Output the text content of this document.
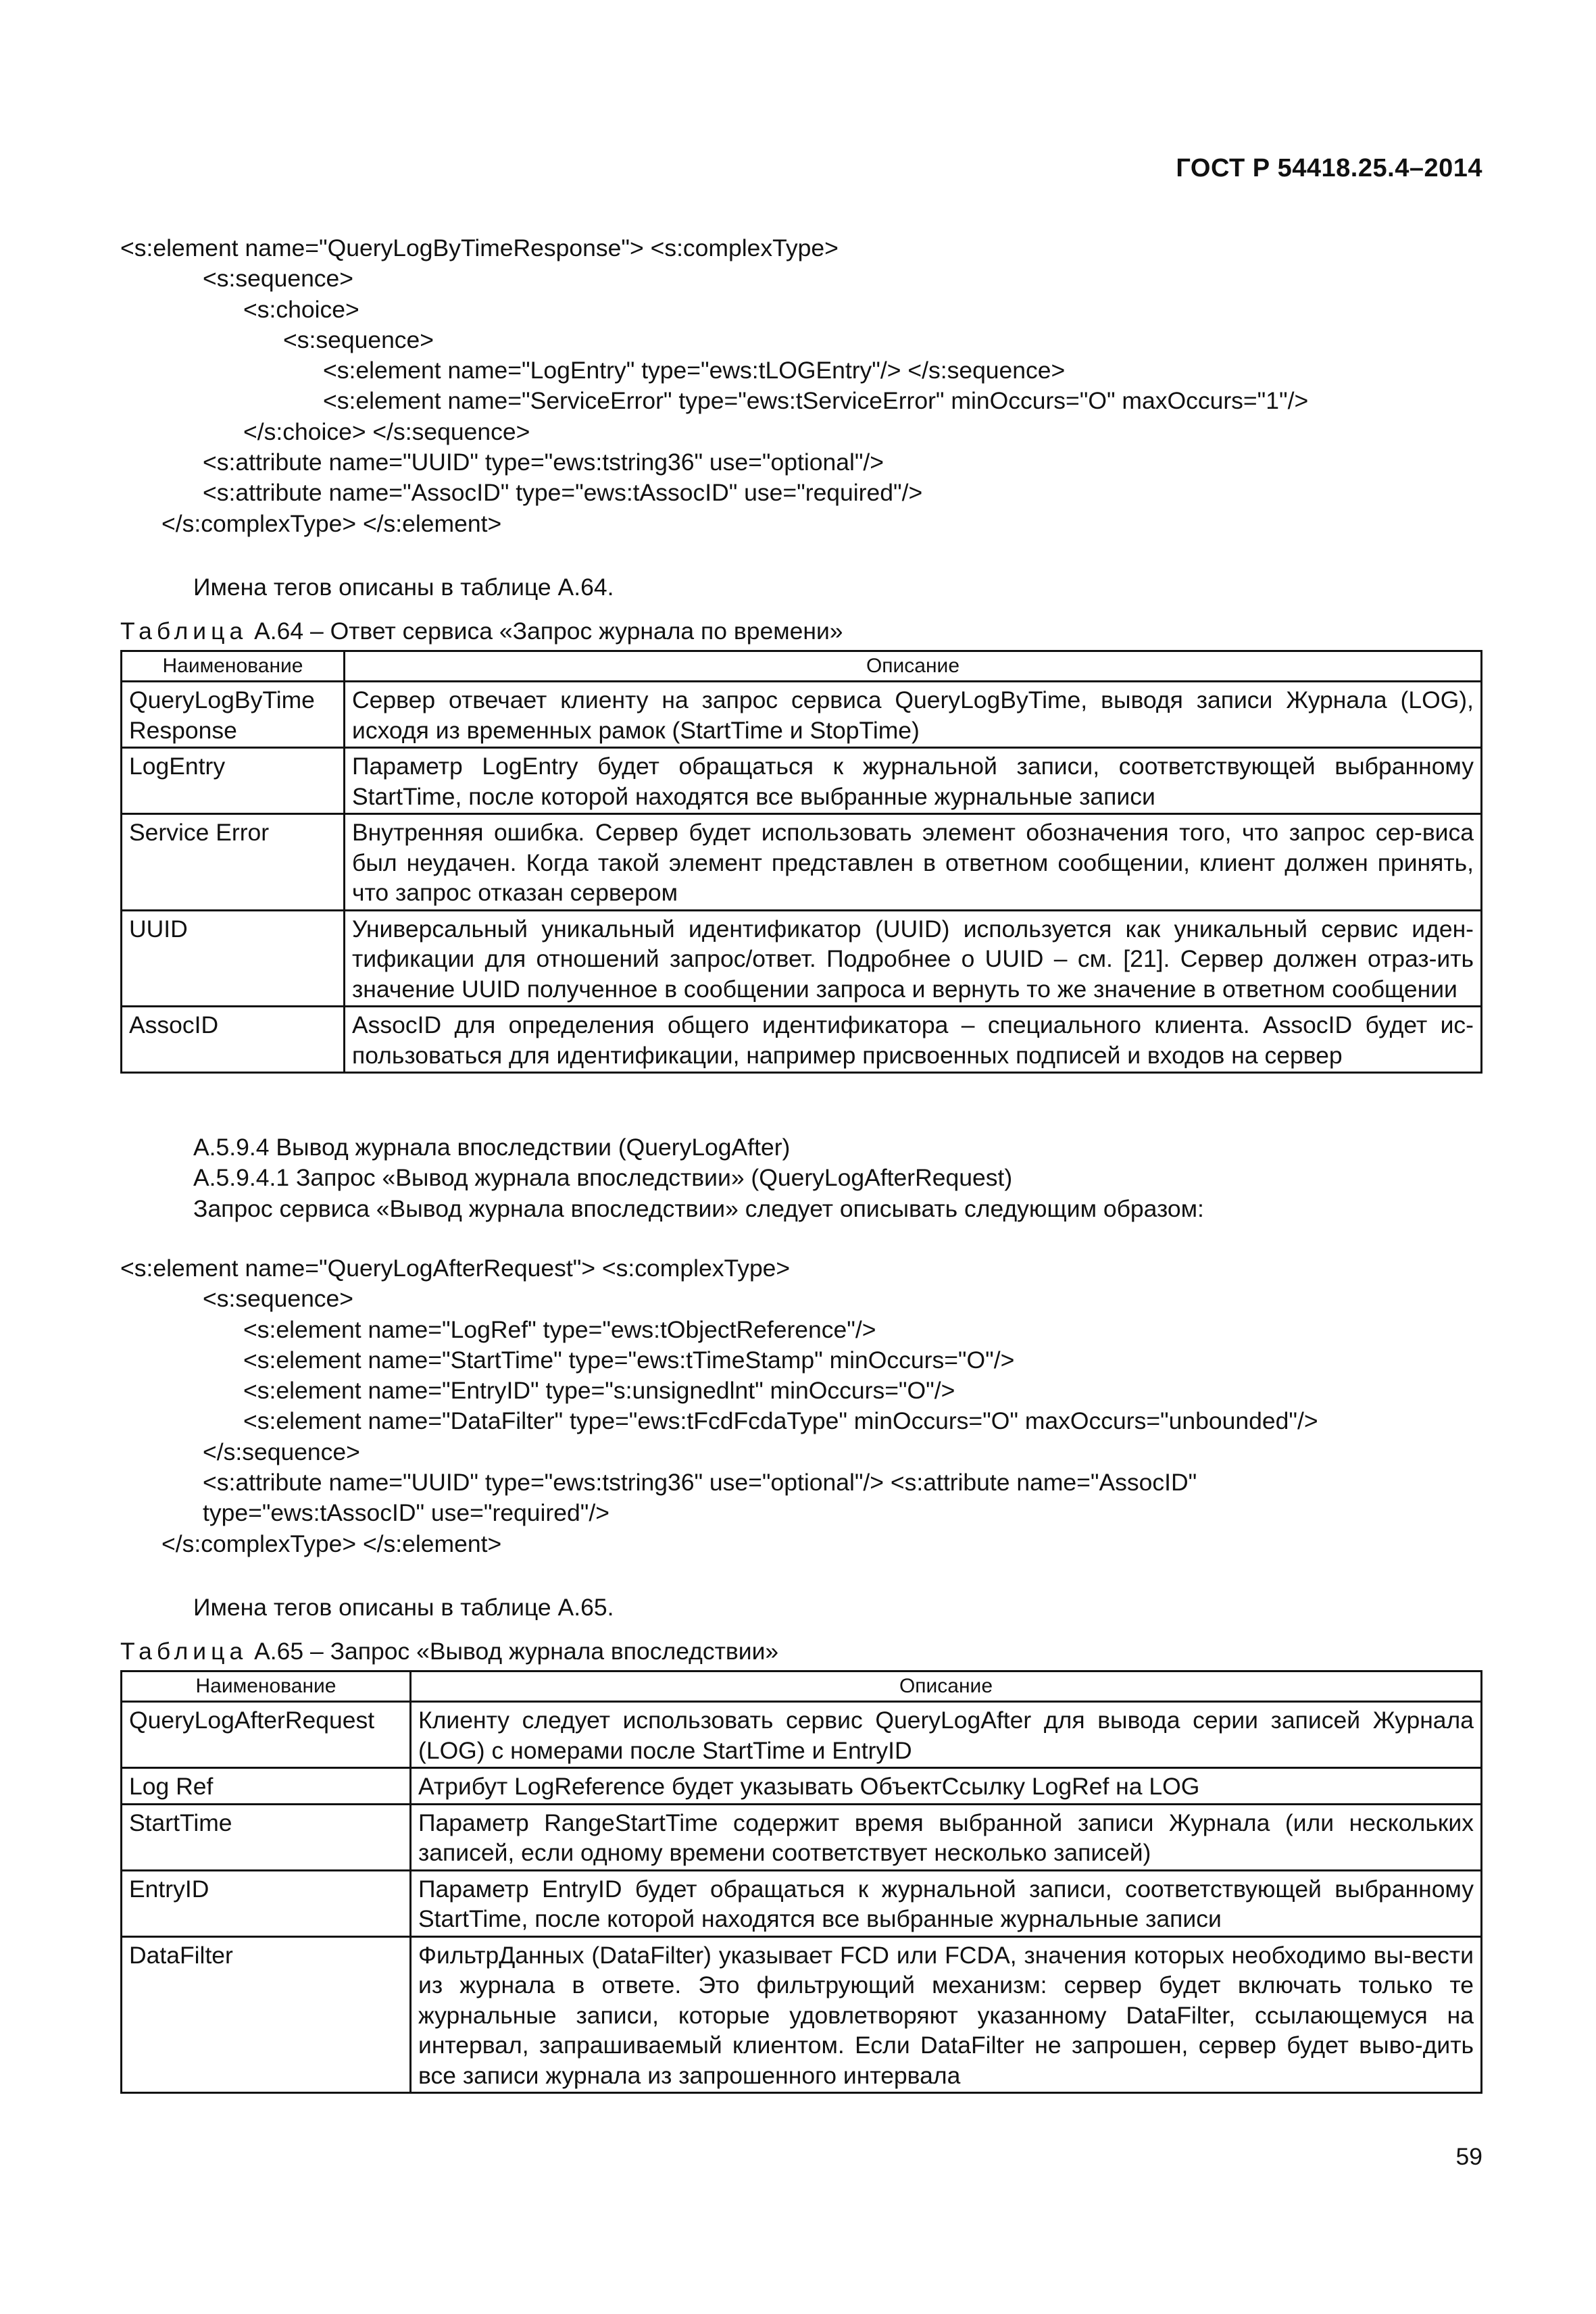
ГОСТ Р 54418.25.4–2014
<s:element name="QueryLogByTimeResponse"> <s:complexType>
<s:sequence>
<s:choice>
<s:sequence>
<s:element name="LogEntry" type="ews:tLOGEntry"/> </s:sequence>
<s:element name="ServiceError" type="ews:tServiceError" minOccurs="O" maxOccurs="1"/>
</s:choice> </s:sequence>
<s:attribute name="UUID" type="ews:tstring36" use="optional"/>
<s:attribute name="AssocID" type="ews:tAssocID" use="required"/>
</s:complexType> </s:element>
Имена тегов описаны в таблице А.64.
Таблица А.64 – Ответ сервиса «Запрос журнала по времени»
Наименование	Описание
QueryLogByTime Response	Сервер отвечает клиенту на запрос сервиса QueryLogByTime, выводя записи Журнала (LOG), исходя из временных рамок (StartTime и StopTime)
LogEntry	Параметр LogEntry будет обращаться к журнальной записи, соответствующей выбранному StartTime, после которой находятся все выбранные журнальные записи
Service Error	Внутренняя ошибка. Сервер будет использовать элемент обозначения того, что запрос сер-виса был неудачен. Когда такой элемент представлен в ответном сообщении, клиент должен принять, что запрос отказан сервером
UUID	Универсальный уникальный идентификатор (UUID) используется как уникальный сервис иден-тификации для отношений запрос/ответ. Подробнее о UUID – см. [21]. Сервер должен отраз-ить значение UUID полученное в сообщении запроса и вернуть то же значение в ответном сообщении
AssocID	AssocID для определения общего идентификатора – специального клиента. AssocID будет ис-пользоваться для идентификации, например присвоенных подписей и входов на сервер
А.5.9.4 Вывод журнала впоследствии (QueryLogAfter)
А.5.9.4.1 Запрос «Вывод журнала впоследствии» (QueryLogAfterRequest)
Запрос сервиса «Вывод журнала впоследствии» следует описывать следующим образом:
<s:element name="QueryLogAfterRequest"> <s:complexType>
<s:sequence>
<s:element name="LogRef" type="ews:tObjectReference"/>
<s:element name="StartTime" type="ews:tTimeStamp" minOccurs="O"/>
<s:element name="EntryID" type="s:unsignedlnt" minOccurs="O"/>
<s:element name="DataFilter" type="ews:tFcdFcdaType" minOccurs="O" maxOccurs="unbounded"/>
</s:sequence>
<s:attribute name="UUID" type="ews:tstring36" use="optional"/> <s:attribute name="AssocID"
type="ews:tAssocID" use="required"/>
</s:complexType> </s:element>
Имена тегов описаны в таблице А.65.
Таблица А.65 – Запрос «Вывод журнала впоследствии»
Наименование	Описание
QueryLogAfterRequest	Клиенту следует использовать сервис QueryLogAfter для вывода серии записей Журнала (LOG) с номерами после StartTime и EntryID
Log Ref	Атрибут LogReference будет указывать ОбъектСсылку LogRef на LOG
StartTime	Параметр RangeStartTime содержит время выбранной записи Журнала (или нескольких записей, если одному времени соответствует несколько записей)
EntryID	Параметр EntryID будет обращаться к журнальной записи, соответствующей выбранному StartTime, после которой находятся все выбранные журнальные записи
DataFilter	ФильтрДанных (DataFilter) указывает FCD или FCDA, значения которых необходимо вы-вести из журнала в ответе. Это фильтрующий механизм: сервер будет включать только те журнальные записи, которые удовлетворяют указанному DataFilter, ссылающемуся на интервал, запрашиваемый клиентом. Если DataFilter не запрошен, сервер будет выво-дить все записи журнала из запрошенного интервала
59
